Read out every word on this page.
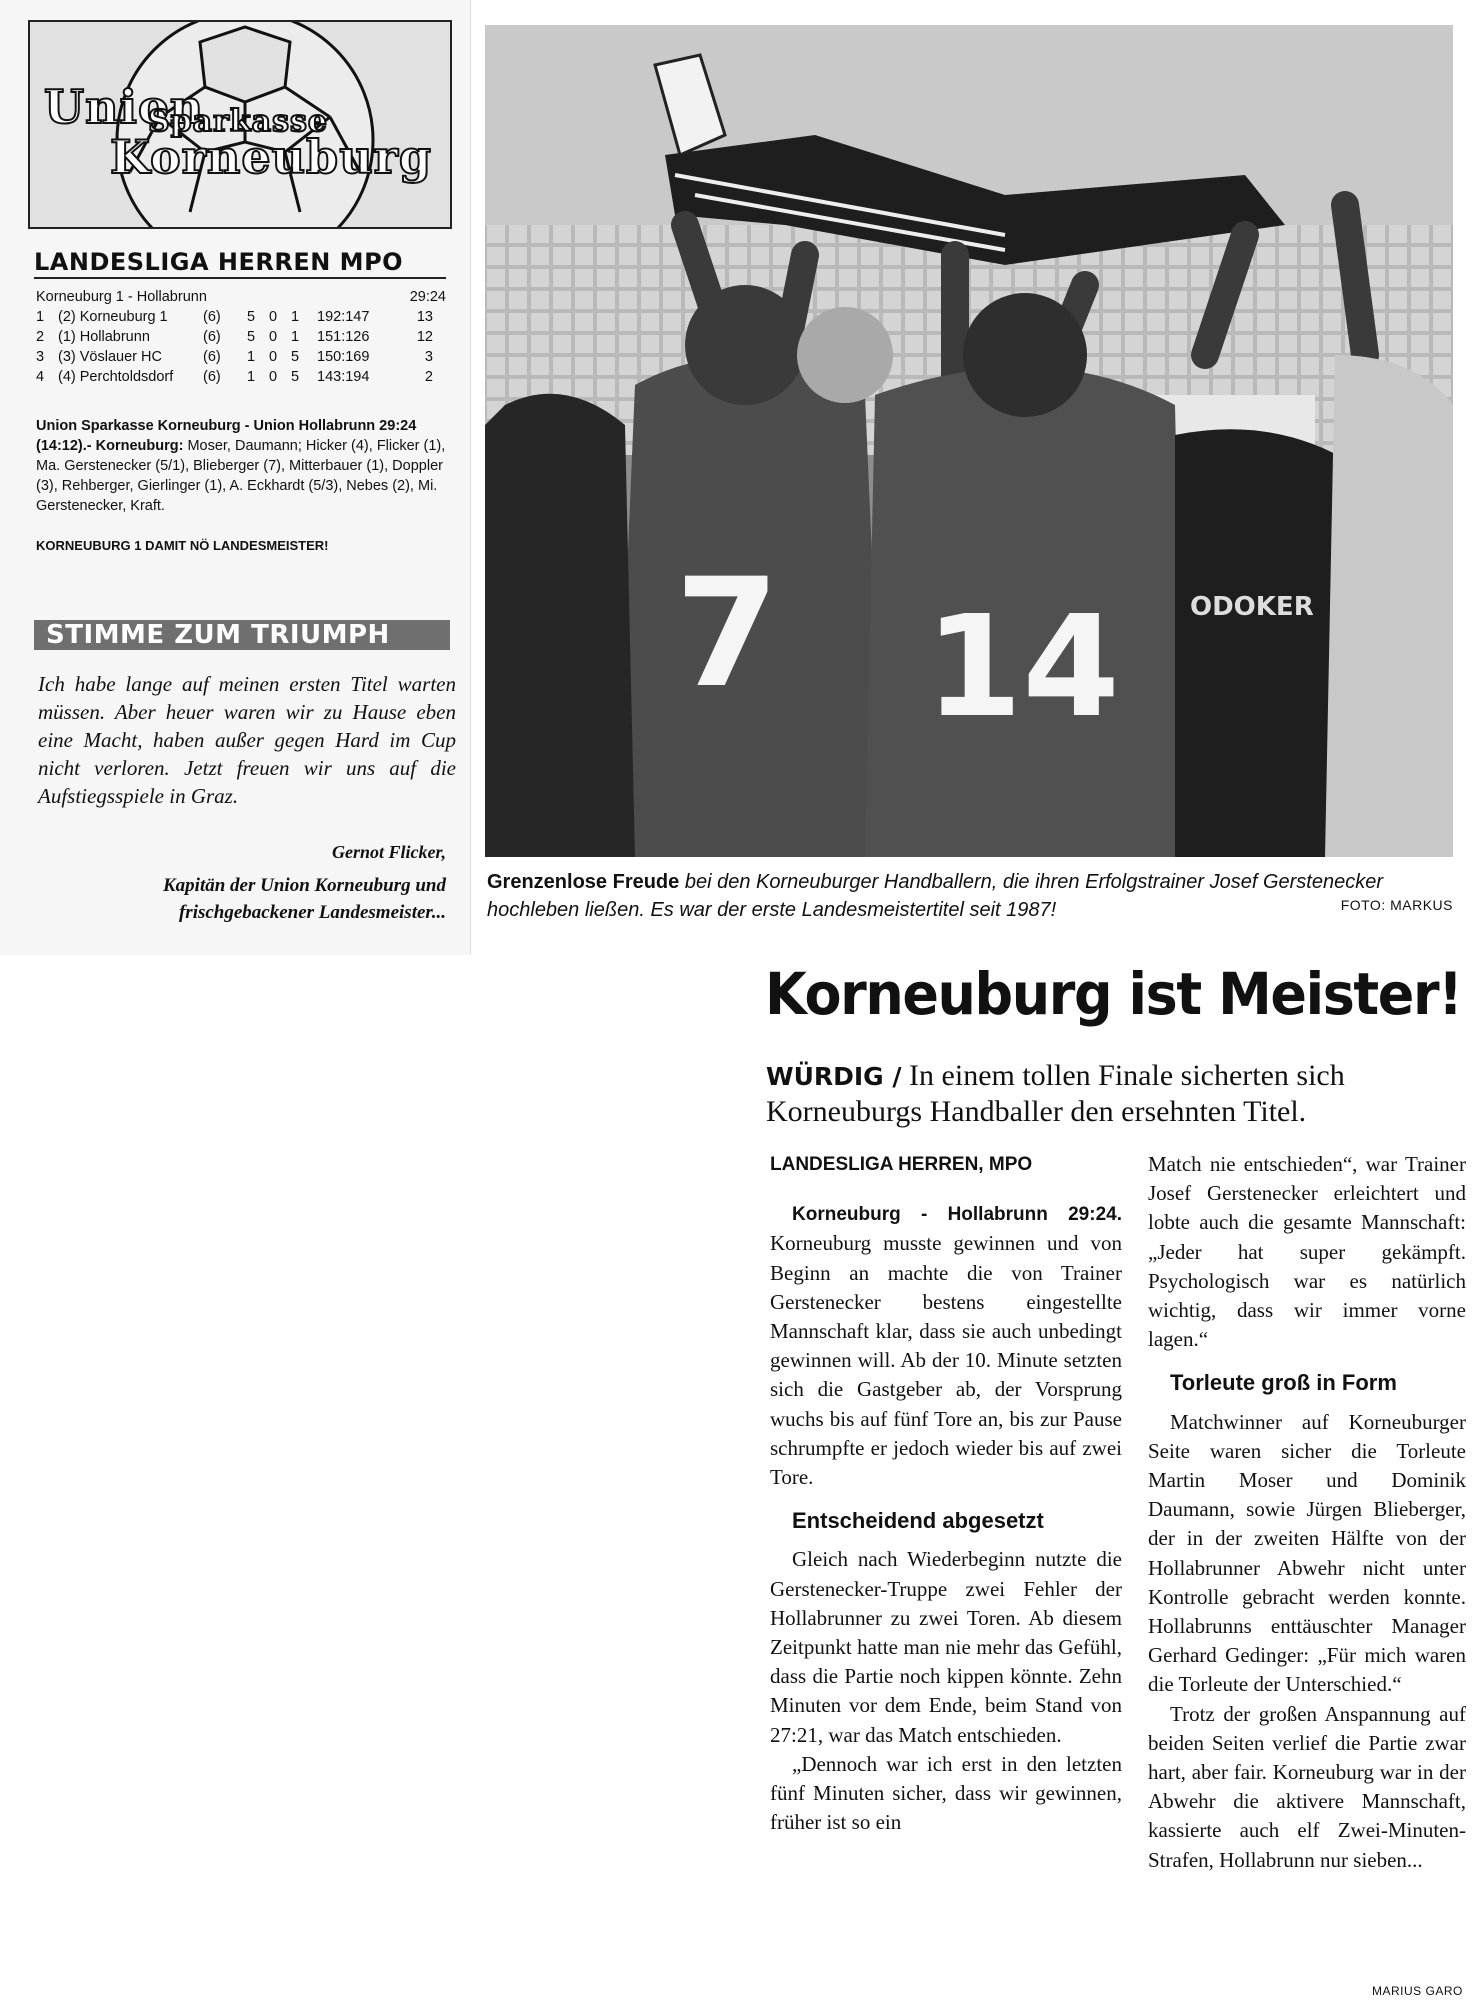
Union
Sparkasse
Korneuburg
LANDESLIGA HERREN MPO
Korneuburg 1 - Hollabrunn	29:24
1 (2) Korneuburg 1	(6)	5 0 1	192:147	13
2 (1) Hollabrunn	(6)	5 0 1	151:126	12
3 (3) Vöslauer HC	(6)	1 0 5	150:169	3
4 (4) Perchtoldsdorf	(6)	1 0 5	143:194	2
Union Sparkasse Korneuburg - Union Hollabrunn 29:24 (14:12).- Korneuburg: Moser, Daumann; Hicker (4), Flicker (1), Ma. Gerstenecker (5/1), Blieberger (7), Mitterbauer (1), Doppler (3), Rehberger, Gierlinger (1), A. Eckhardt (5/3), Nebes (2), Mi. Gerstenecker, Kraft.
KORNEUBURG 1 DAMIT NÖ LANDESMEISTER!
STIMME ZUM TRIUMPH
Ich habe lange auf meinen ersten Titel warten müssen. Aber heuer waren wir zu Hause eben eine Macht, haben außer gegen Hard im Cup nicht verloren. Jetzt freuen wir uns auf die Aufstiegsspiele in Graz.
Gernot Flicker,
Kapitän der Union Korneuburg und frischgebackener Landesmeister...
ODOKER
7 14
Grenzenlose Freude bei den Korneuburger Handballern, die ihren Erfolgstrainer Josef Gerstenecker hochleben ließen. Es war der erste Landesmeistertitel seit 1987!	FOTO: MARKUS
Korneuburg ist Meister!
WÜRDIG / In einem tollen Finale sicherten sich Korneuburgs Handballer den ersehnten Titel.
LANDESLIGA HERREN, MPO

Korneuburg - Hollabrunn 29:24. Korneuburg musste gewinnen und von Beginn an machte die von Trainer Gerstenecker bestens eingestellte Mannschaft klar, dass sie auch unbedingt gewinnen will. Ab der 10. Minute setzten sich die Gastgeber ab, der Vorsprung wuchs bis auf fünf Tore an, bis zur Pause schrumpfte er jedoch wieder bis auf zwei Tore.

Entscheidend abgesetzt

Gleich nach Wiederbeginn nutzte die Gerstenecker-Truppe zwei Fehler der Hollabrunner zu zwei Toren. Ab diesem Zeitpunkt hatte man nie mehr das Gefühl, dass die Partie noch kippen könnte. Zehn Minuten vor dem Ende, beim Stand von 27:21, war das Match entschieden.

„Dennoch war ich erst in den letzten fünf Minuten sicher, dass wir gewinnen, früher ist so ein

Match nie entschieden“, war Trainer Josef Gerstenecker erleichtert und lobte auch die gesamte Mannschaft: „Jeder hat super gekämpft. Psychologisch war es natürlich wichtig, dass wir immer vorne lagen.“

Torleute groß in Form

Matchwinner auf Korneuburger Seite waren sicher die Torleute Martin Moser und Dominik Daumann, sowie Jürgen Blieberger, der in der zweiten Hälfte von der Hollabrunner Abwehr nicht unter Kontrolle gebracht werden konnte. Hollabrunns enttäuschter Manager Gerhard Gedinger: „Für mich waren die Torleute der Unterschied.“

Trotz der großen Anspannung auf beiden Seiten verlief die Partie zwar hart, aber fair. Korneuburg war in der Abwehr die aktivere Mannschaft, kassierte auch elf Zwei-Minuten-Strafen, Hollabrunn nur sieben...

MARIUS GARO
